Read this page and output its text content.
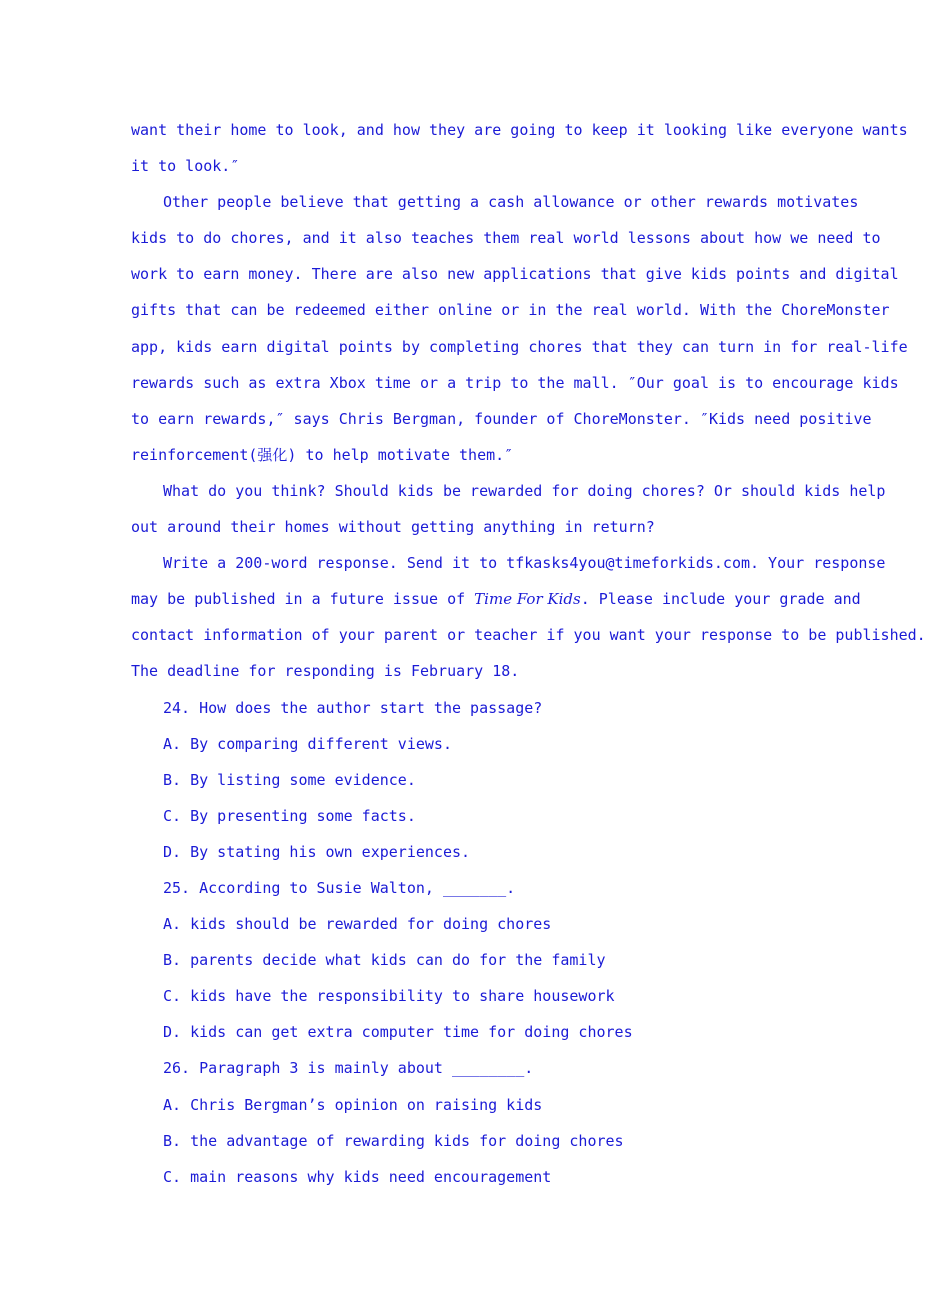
want their home to look, and how they are going to keep it looking like everyone wants
it to look.″
Other people believe that getting a cash allowance or other rewards motivates
kids to do chores, and it also teaches them real world lessons about how we need to
work to earn money. There are also new applications that give kids points and digital
gifts that can be redeemed either online or in the real world. With the ChoreMonster
app, kids earn digital points by completing chores that they can turn in for real-life
rewards such as extra Xbox time or a trip to the mall. ″Our goal is to encourage kids
to earn rewards,″ says Chris Bergman, founder of ChoreMonster. ″Kids need positive
reinforcement(强化) to help motivate them.″
What do you think? Should kids be rewarded for doing chores? Or should kids help
out around their homes without getting anything in return?
Write a 200-word response. Send it to tfkasks4you@timeforkids.com. Your response
may be published in a future issue of Time For Kids. Please include your grade and
contact information of your parent or teacher if you want your response to be published.
The deadline for responding is February 18.
24. How does the author start the passage?
A. By comparing different views.
B. By listing some evidence.
C. By presenting some facts.
D. By stating his own experiences.
25. According to Susie Walton, _______.
A. kids should be rewarded for doing chores
B. parents decide what kids can do for the family
C. kids have the responsibility to share housework
D. kids can get extra computer time for doing chores
26. Paragraph 3 is mainly about ________.
A. Chris Bergman’s opinion on raising kids
B. the advantage of rewarding kids for doing chores
C. main reasons why kids need encouragement
